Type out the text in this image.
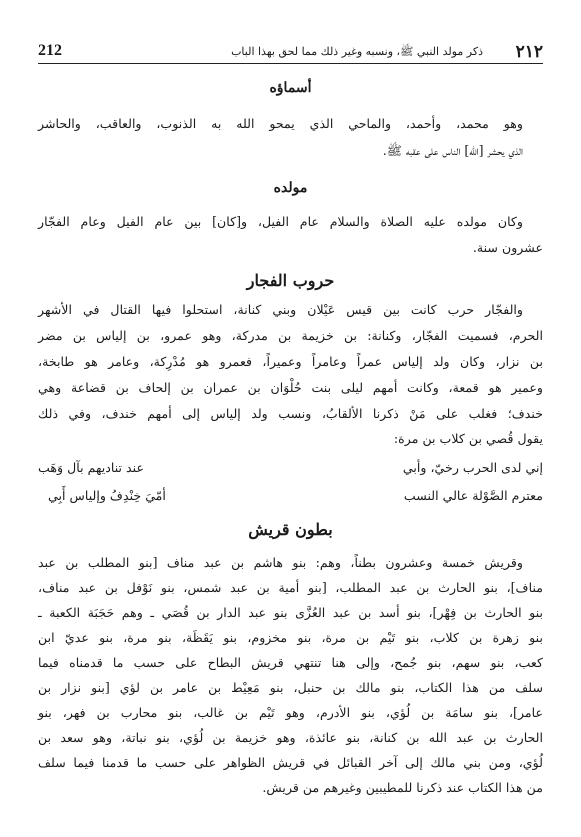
٢١٢
ذكر مولد النبي ﷺ، ونسبه وغير ذلك مما لحق بهذا الباب
212
أسماؤه
وهو محمد، وأحمد، والماحي الذي يمحو الله به الذنوب، والعاقب، والحاشر
الذي يحشر [الله] الناس على عقبه ﷺ.
مولده
وكان مولده عليه الصلاة والسلام عام الفيل، و[كان] بين عام الفيل وعام الفجّار
عشرون سنة.
حروب الفجار
والفجّار حرب كانت بين قيس عَيْلان وبني كنانة، استحلوا فيها القتال في الأشهر
الحرم، فسميت الفجّار، وكنانة: بن خزيمة بن مدركة، وهو عمرو، بن إلياس بن مضر
بن نزار، وكان ولد إلياس عمراً وعامراً وعميراً، فعمرو هو مُدْرِكة، وعامر هو طابخة،
وعمير هو قمعة، وكانت أمهم ليلى بنت حُلْوَان بن عمران بن إلحاف بن قضاعة وهي
خندف؛ فغلب على مَنْ ذكرنا الألقابُ، ونسب ولد إلياس إلى أمهم خندف، وفي ذلك
يقول قُصي بن كلاب بن مرة:
إني لدى الحرب رخيّ، وأبي
عند تناديهم بآل وَهَب
معترم الصَّوْلة عالي النسب
أمّيَ خِنْدِفُ وإلياس أَبِي
بطون قريش
وقريش خمسة وعشرون بطناً، وهم: بنو هاشم بن عبد مناف [بنو المطلب بن عبد
مناف]، بنو الحارث بن عبد المطلب، [بنو أمية بن عبد شمس، بنو نَوْفل بن عبد مناف،
بنو الحارث بن فِهْر]، بنو أسد بن عبد العُزَّى بنو عبد الدار بن قُصَي ـ وهم حَجَبَة الكعبة ـ
بنو زهرة بن كلاب، بنو تَيْم بن مرة، بنو مخزوم، بنو يَقَظَة، بنو مرة، بنو عديّ ابن
كعب، بنو سهم، بنو جُمح، وإلى هنا تنتهي قريش البطاح على حسب ما قدمناه فيما
سلف من هذا الكتاب، بنو مالك بن حنبل، بنو مَعِيْط بن عامر بن لؤي [بنو نزار بن
عامر]، بنو سامَة بن لُؤي، بنو الأدرم، وهو تَيْم بن غالب، بنو محارب بن فهر، بنو
الحارث بن عبد الله بن كنانة، بنو عائذة، وهو خزيمة بن لُؤي، بنو نباتة، وهو سعد بن
لُؤي، ومن بني مالك إلى آخر القبائل في قريش الظواهر على حسب ما قدمنا فيما سلف
من هذا الكتاب عند ذكرنا للمطيبين وغيرهم من قريش.
